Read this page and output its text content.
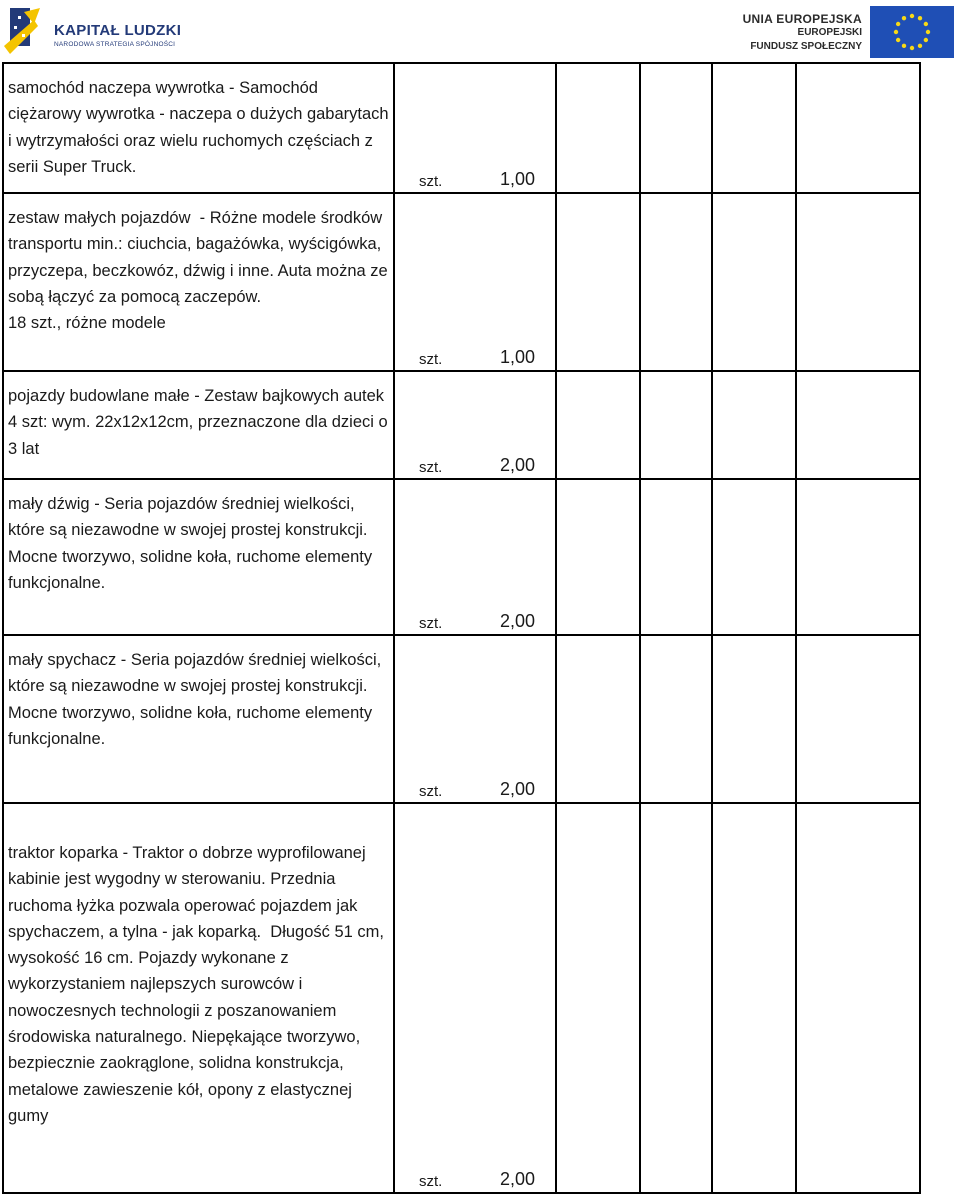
KAPITAŁ LUDZKI
NARODOWA STRATEGIA SPÓJNOŚCI
UNIA EUROPEJSKA
EUROPEJSKI
FUNDUSZ SPOŁECZNY
samochód naczepa wywrotka - Samochód ciężarowy wywrotka - naczepa o dużych gabarytach i wytrzymałości oraz wielu ruchomych częściach z serii Super Truck.	szt.	1,00				

zestaw małych pojazdów  - Różne modele środków transportu min.: ciuchcia, bagażówka, wyścigówka, przyczepa, beczkowóz, dźwig i inne. Auta można ze sobą łączyć za pomocą zaczepów.
18 szt., różne modele	szt.	1,00				

pojazdy budowlane małe - Zestaw bajkowych autek  4 szt: wym. 22x12x12cm, przeznaczone dla dzieci o 3 lat	szt.	2,00				

mały dźwig - Seria pojazdów średniej wielkości, które są niezawodne w swojej prostej konstrukcji. Mocne tworzywo, solidne koła, ruchome elementy funkcjonalne.	szt.	2,00				

mały spychacz - Seria pojazdów średniej wielkości, które są niezawodne w swojej prostej konstrukcji. Mocne tworzywo, solidne koła, ruchome elementy funkcjonalne.	szt.	2,00				

traktor koparka - Traktor o dobrze wyprofilowanej kabinie jest wygodny w sterowaniu. Przednia ruchoma łyżka pozwala operować pojazdem jak spychaczem, a tylna - jak koparką.  Długość 51 cm, wysokość 16 cm. Pojazdy wykonane z wykorzystaniem najlepszych surowców i nowoczesnych technologii z poszanowaniem środowiska naturalnego. Niepękające tworzywo, bezpiecznie zaokrąglone, solidna konstrukcja, metalowe zawieszenie kół, opony z elastycznej gumy	szt.	2,00				
